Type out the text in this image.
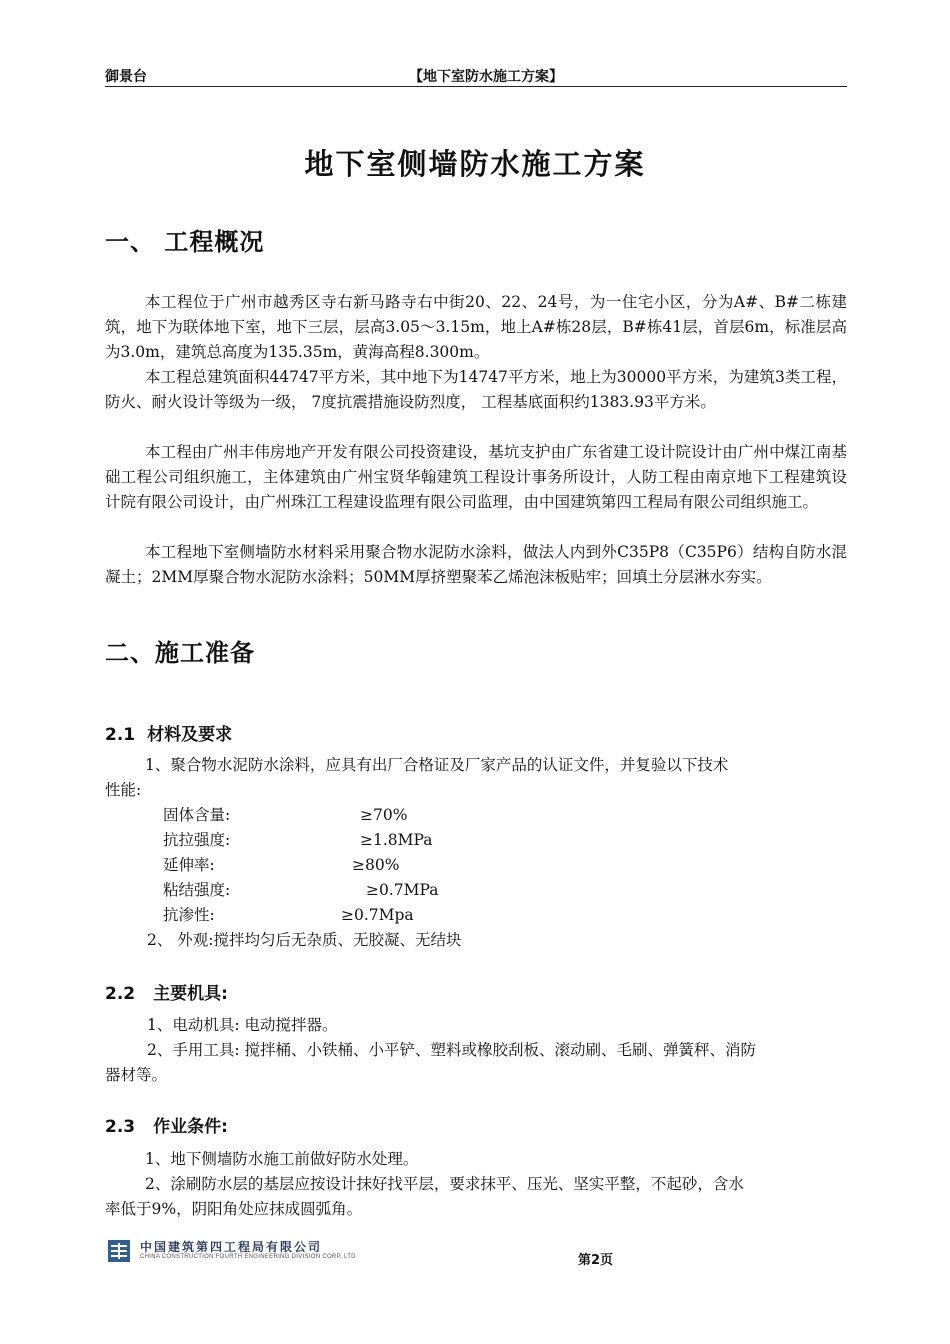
御景台	【地下室防水施工方案】
地下室侧墙防水施工方案
一、 工程概况

本工程位于广州市越秀区寺右新马路寺右中街20、22、24号，为一住宅小区，分为A#、B#二栋建筑，地下为联体地下室，地下三层，层高3.05～3.15m，地上A#栋28层，B#栋41层，首层6m，标准层高为3.0m，建筑总高度为135.35m，黄海高程8.300m。

本工程总建筑面积44747平方米，其中地下为14747平方米，地上为30000平方米，为建筑3类工程，防火、耐火设计等级为一级， 7度抗震措施设防烈度， 工程基底面积约1383.93平方米。

本工程由广州丰伟房地产开发有限公司投资建设，基坑支护由广东省建工设计院设计由广州中煤江南基础工程公司组织施工，主体建筑由广州宝贤华翰建筑工程设计事务所设计，人防工程由南京地下工程建筑设计院有限公司设计，由广州珠江工程建设监理有限公司监理，由中国建筑第四工程局有限公司组织施工。

本工程地下室侧墙防水材料采用聚合物水泥防水涂料，做法人内到外C35P8（C35P6）结构自防水混凝土；2MM厚聚合物水泥防水涂料；50MM厚挤塑聚苯乙烯泡沫板贴牢；回填土分层淋水夯实。

二、施工准备
2.1 材料及要求
1、聚合物水泥防水涂料，应具有出厂合格证及厂家产品的认证文件，并复验以下技术
性能:
固体含量:	≥70%
抗拉强度:	≥1.8MPa
延伸率:	≥80%
粘结强度:	≥0.7MPa
抗渗性:	≥0.7Mpa
2、 外观:搅拌均匀后无杂质、无胶凝、无结块
2.2 主要机具:
1、电动机具: 电动搅拌器。
2、手用工具: 搅拌桶、小铁桶、小平铲、塑料或橡胶刮板、滚动刷、毛刷、弹簧秤、消防
器材等。
2.3 作业条件:
1、地下侧墙防水施工前做好防水处理。
2、涂刷防水层的基层应按设计抹好找平层，要求抹平、压光、坚实平整，不起砂，含水
率低于9%，阴阳角处应抹成圆弧角。
中国建筑第四工程局有限公司
CHINA CONSTRUCTION FOURTH ENGINEERING DIVISION CORP. LTD	第2页
